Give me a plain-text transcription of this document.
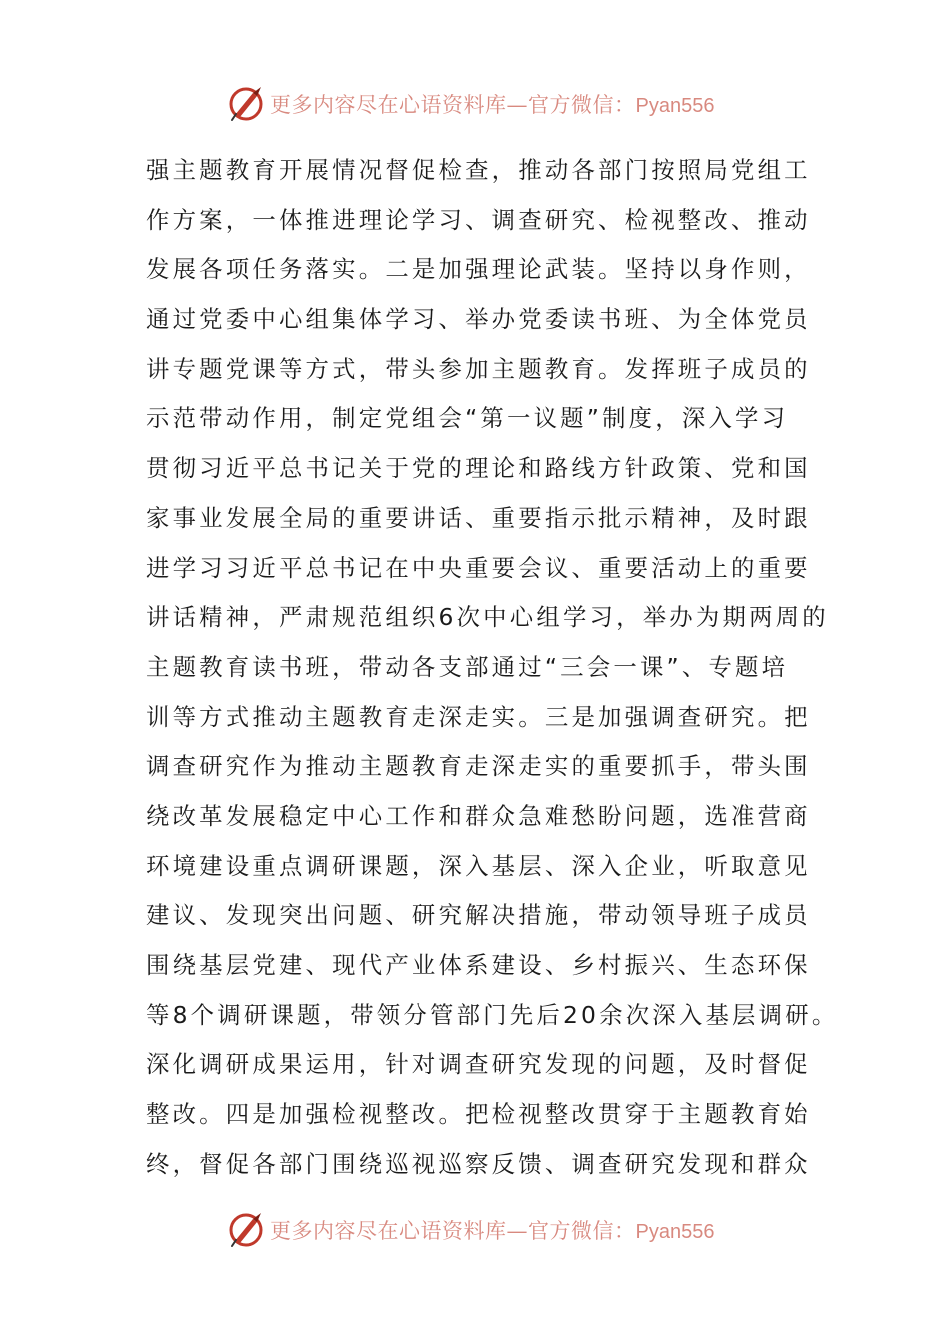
更多内容尽在心语资料库—官方微信：Pyan556
强主题教育开展情况督促检查，推动各部门按照局党组工
作方案，一体推进理论学习、调查研究、检视整改、推动
发展各项任务落实。二是加强理论武装。坚持以身作则，
通过党委中心组集体学习、举办党委读书班、为全体党员
讲专题党课等方式，带头参加主题教育。发挥班子成员的
示范带动作用，制定党组会“第一议题”制度，深入学习
贯彻习近平总书记关于党的理论和路线方针政策、党和国
家事业发展全局的重要讲话、重要指示批示精神，及时跟
进学习习近平总书记在中央重要会议、重要活动上的重要
讲话精神，严肃规范组织6次中心组学习，举办为期两周的
主题教育读书班，带动各支部通过“三会一课”、专题培
训等方式推动主题教育走深走实。三是加强调查研究。把
调查研究作为推动主题教育走深走实的重要抓手，带头围
绕改革发展稳定中心工作和群众急难愁盼问题，选准营商
环境建设重点调研课题，深入基层、深入企业，听取意见
建议、发现突出问题、研究解决措施，带动领导班子成员
围绕基层党建、现代产业体系建设、乡村振兴、生态环保
等8个调研课题，带领分管部门先后20余次深入基层调研。
深化调研成果运用，针对调查研究发现的问题，及时督促
整改。四是加强检视整改。把检视整改贯穿于主题教育始
终，督促各部门围绕巡视巡察反馈、调查研究发现和群众
更多内容尽在心语资料库—官方微信：Pyan556
